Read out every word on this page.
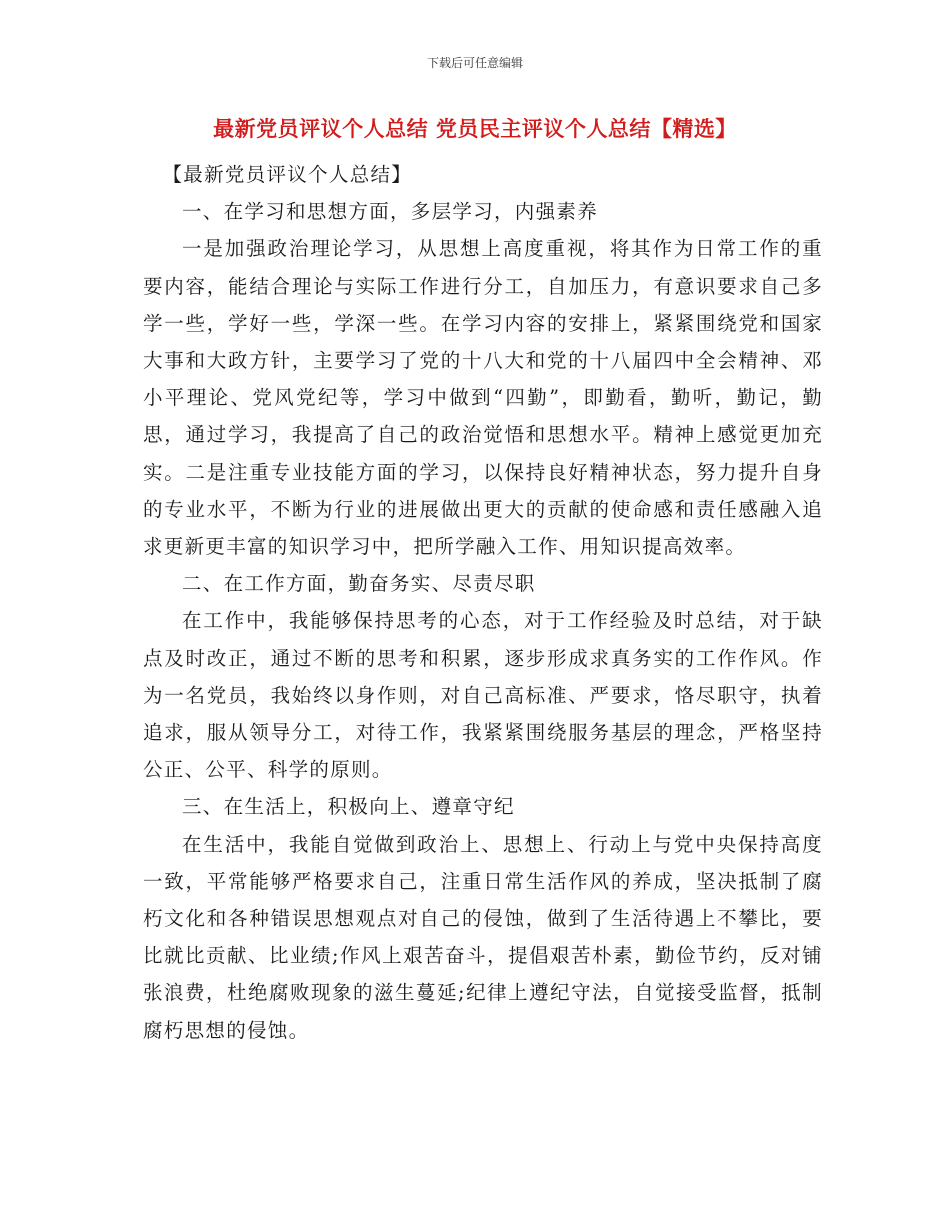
下载后可任意编辑
最新党员评议个人总结 党员民主评议个人总结【精选】

【最新党员评议个人总结】

一、在学习和思想方面，多层学习，内强素养

一是加强政治理论学习，从思想上高度重视，将其作为日常工作的重要内容，能结合理论与实际工作进行分工，自加压力，有意识要求自己多学一些，学好一些，学深一些。在学习内容的安排上，紧紧围绕党和国家大事和大政方针，主要学习了党的十八大和党的十八届四中全会精神、邓小平理论、党风党纪等，学习中做到“四勤”，即勤看，勤听，勤记，勤思，通过学习，我提高了自己的政治觉悟和思想水平。精神上感觉更加充实。二是注重专业技能方面的学习，以保持良好精神状态，努力提升自身的专业水平，不断为行业的进展做出更大的贡献的使命感和责任感融入追求更新更丰富的知识学习中，把所学融入工作、用知识提高效率。

二、在工作方面，勤奋务实、尽责尽职

在工作中，我能够保持思考的心态，对于工作经验及时总结，对于缺点及时改正，通过不断的思考和积累，逐步形成求真务实的工作作风。作为一名党员，我始终以身作则，对自己高标准、严要求，恪尽职守，执着追求，服从领导分工，对待工作，我紧紧围绕服务基层的理念，严格坚持公正、公平、科学的原则。

三、在生活上，积极向上、遵章守纪

在生活中，我能自觉做到政治上、思想上、行动上与党中央保持高度一致，平常能够严格要求自己，注重日常生活作风的养成，坚决抵制了腐朽文化和各种错误思想观点对自己的侵蚀，做到了生活待遇上不攀比，要比就比贡献、比业绩;作风上艰苦奋斗，提倡艰苦朴素，勤俭节约，反对铺张浪费，杜绝腐败现象的滋生蔓延;纪律上遵纪守法，自觉接受监督，抵制腐朽思想的侵蚀。
